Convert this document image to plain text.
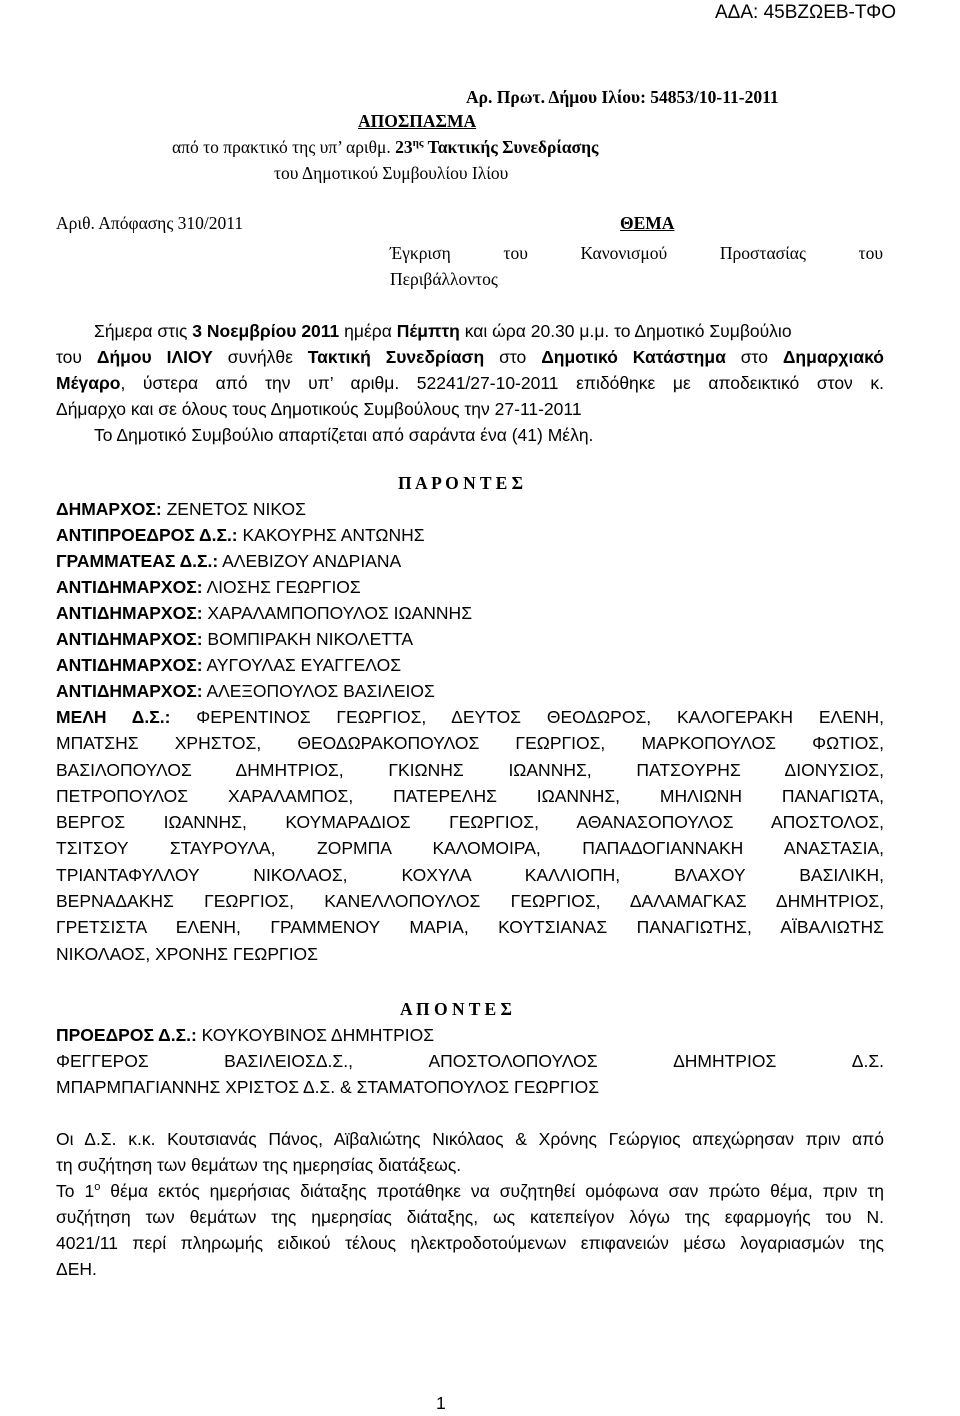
ΑΔΑ: 45ΒΖΩΕΒ-ΤΦΟ
Αρ. Πρωτ. Δήμου Ιλίου: 54853/10-11-2011
ΑΠΟΣΠΑΣΜΑ
από το πρακτικό της υπ’ αριθμ. $23^{\eta\varsigma}$ Τακτικής Συνεδρίασης
του Δημοτικού Συμβουλίου Ιλίου
Αριθ. Απόφασης 310/2011	ΘΕΜΑ
Έγκριση	του	Κανονισμού	Προστασίας	του
Περιβάλλοντος
Σήμερα στις 3 Νοεμβρίου 2011 ημέρα Πέμπτη και ώρα 20.30 μ.μ. το Δημοτικό Συμβούλιο
του Δήμου ΙΛΙΟΥ συνήλθε Τακτική Συνεδρίαση στο Δημοτικό Κατάστημα στο Δημαρχιακό
Μέγαρο, ύστερα από την υπ’ αριθμ. 52241/27-10-2011 επιδόθηκε με αποδεικτικό στον κ.
Δήμαρχο και σε όλους τους Δημοτικούς Συμβούλους την 27-11-2011
Το Δημοτικό Συμβούλιο απαρτίζεται από σαράντα ένα (41) Μέλη.
Π Α Ρ Ο Ν Τ Ε Σ
ΔΗΜΑΡΧΟΣ: ΖΕΝΕΤΟΣ ΝΙΚΟΣ
ΑΝΤΙΠΡΟΕΔΡΟΣ Δ.Σ.: ΚΑΚΟΥΡΗΣ ΑΝΤΩΝΗΣ
ΓΡΑΜΜΑΤΕΑΣ Δ.Σ.: ΑΛΕΒΙΖΟΥ ΑΝΔΡΙΑΝΑ
ΑΝΤΙΔΗΜΑΡΧΟΣ: ΛΙΟΣΗΣ ΓΕΩΡΓΙΟΣ
ΑΝΤΙΔΗΜΑΡΧΟΣ: ΧΑΡΑΛΑΜΠΟΠΟΥΛΟΣ ΙΩΑΝΝΗΣ
ΑΝΤΙΔΗΜΑΡΧΟΣ: ΒΟΜΠΙΡΑΚΗ ΝΙΚΟΛΕΤΤΑ
ΑΝΤΙΔΗΜΑΡΧΟΣ: ΑΥΓΟΥΛΑΣ ΕΥΑΓΓΕΛΟΣ
ΑΝΤΙΔΗΜΑΡΧΟΣ: ΑΛΕΞΟΠΟΥΛΟΣ ΒΑΣΙΛΕΙΟΣ
ΜΕΛΗ Δ.Σ.: ΦΕΡΕΝΤΙΝΟΣ ΓΕΩΡΓΙΟΣ, ΔΕΥΤΟΣ ΘΕΟΔΩΡΟΣ, ΚΑΛΟΓΕΡΑΚΗ ΕΛΕΝΗ,
ΜΠΑΤΣΗΣ ΧΡΗΣΤΟΣ, ΘΕΟΔΩΡΑΚΟΠΟΥΛΟΣ ΓΕΩΡΓΙΟΣ, ΜΑΡΚΟΠΟΥΛΟΣ ΦΩΤΙΟΣ,
ΒΑΣΙΛΟΠΟΥΛΟΣ ΔΗΜΗΤΡΙΟΣ, ΓΚΙΩΝΗΣ ΙΩΑΝΝΗΣ, ΠΑΤΣΟΥΡΗΣ ΔΙΟΝΥΣΙΟΣ,
ΠΕΤΡΟΠΟΥΛΟΣ ΧΑΡΑΛΑΜΠΟΣ, ΠΑΤΕΡΕΛΗΣ ΙΩΑΝΝΗΣ, ΜΗΛΙΩΝΗ ΠΑΝΑΓΙΩΤΑ,
ΒΕΡΓΟΣ ΙΩΑΝΝΗΣ, ΚΟΥΜΑΡΑΔΙΟΣ ΓΕΩΡΓΙΟΣ, ΑΘΑΝΑΣΟΠΟΥΛΟΣ ΑΠΟΣΤΟΛΟΣ,
ΤΣΙΤΣΟΥ ΣΤΑΥΡΟΥΛΑ, ΖΟΡΜΠΑ ΚΑΛΟΜΟΙΡΑ, ΠΑΠΑΔΟΓΙΑΝΝΑΚΗ ΑΝΑΣΤΑΣΙΑ,
ΤΡΙΑΝΤΑΦΥΛΛΟΥ ΝΙΚΟΛΑΟΣ, ΚΟΧΥΛΑ ΚΑΛΛΙΟΠΗ, ΒΛΑΧΟΥ ΒΑΣΙΛΙΚΗ,
ΒΕΡΝΑΔΑΚΗΣ ΓΕΩΡΓΙΟΣ, ΚΑΝΕΛΛΟΠΟΥΛΟΣ ΓΕΩΡΓΙΟΣ, ΔΑΛΑΜΑΓΚΑΣ ΔΗΜΗΤΡΙΟΣ,
ΓΡΕΤΣΙΣΤΑ ΕΛΕΝΗ, ΓΡΑΜΜΕΝΟΥ ΜΑΡΙΑ, ΚΟΥΤΣΙΑΝΑΣ ΠΑΝΑΓΙΩΤΗΣ, ΑΪΒΑΛΙΩΤΗΣ
ΝΙΚΟΛΑΟΣ, ΧΡΟΝΗΣ ΓΕΩΡΓΙΟΣ
Α Π Ο Ν Τ Ε Σ
ΠΡΟΕΔΡΟΣ Δ.Σ.: ΚΟΥΚΟΥΒΙΝΟΣ ΔΗΜΗΤΡΙΟΣ
ΦΕΓΓΕΡΟΣ	ΒΑΣΙΛΕΙΟΣΔ.Σ.,	ΑΠΟΣΤΟΛΟΠΟΥΛΟΣ	ΔΗΜΗΤΡΙΟΣ	Δ.Σ.
ΜΠΑΡΜΠΑΓΙΑΝΝΗΣ ΧΡΙΣΤΟΣ Δ.Σ. & ΣΤΑΜΑΤΟΠΟΥΛΟΣ ΓΕΩΡΓΙΟΣ
Οι Δ.Σ. κ.κ. Κουτσιανάς Πάνος, Αϊβαλιώτης Νικόλαος & Χρόνης Γεώργιος απεχώρησαν πριν από
τη συζήτηση των θεμάτων της ημερησίας διατάξεως.
Το $1^o$ θέμα εκτός ημερήσιας διάταξης προτάθηκε να συζητηθεί ομόφωνα σαν πρώτο θέμα, πριν τη
συζήτηση των θεμάτων της ημερησίας διάταξης, ως κατεπείγον λόγω της εφαρμογής του Ν.
4021/11 περί πληρωμής ειδικού τέλους ηλεκτροδοτούμενων επιφανειών μέσω λογαριασμών της
ΔΕΗ.
1
